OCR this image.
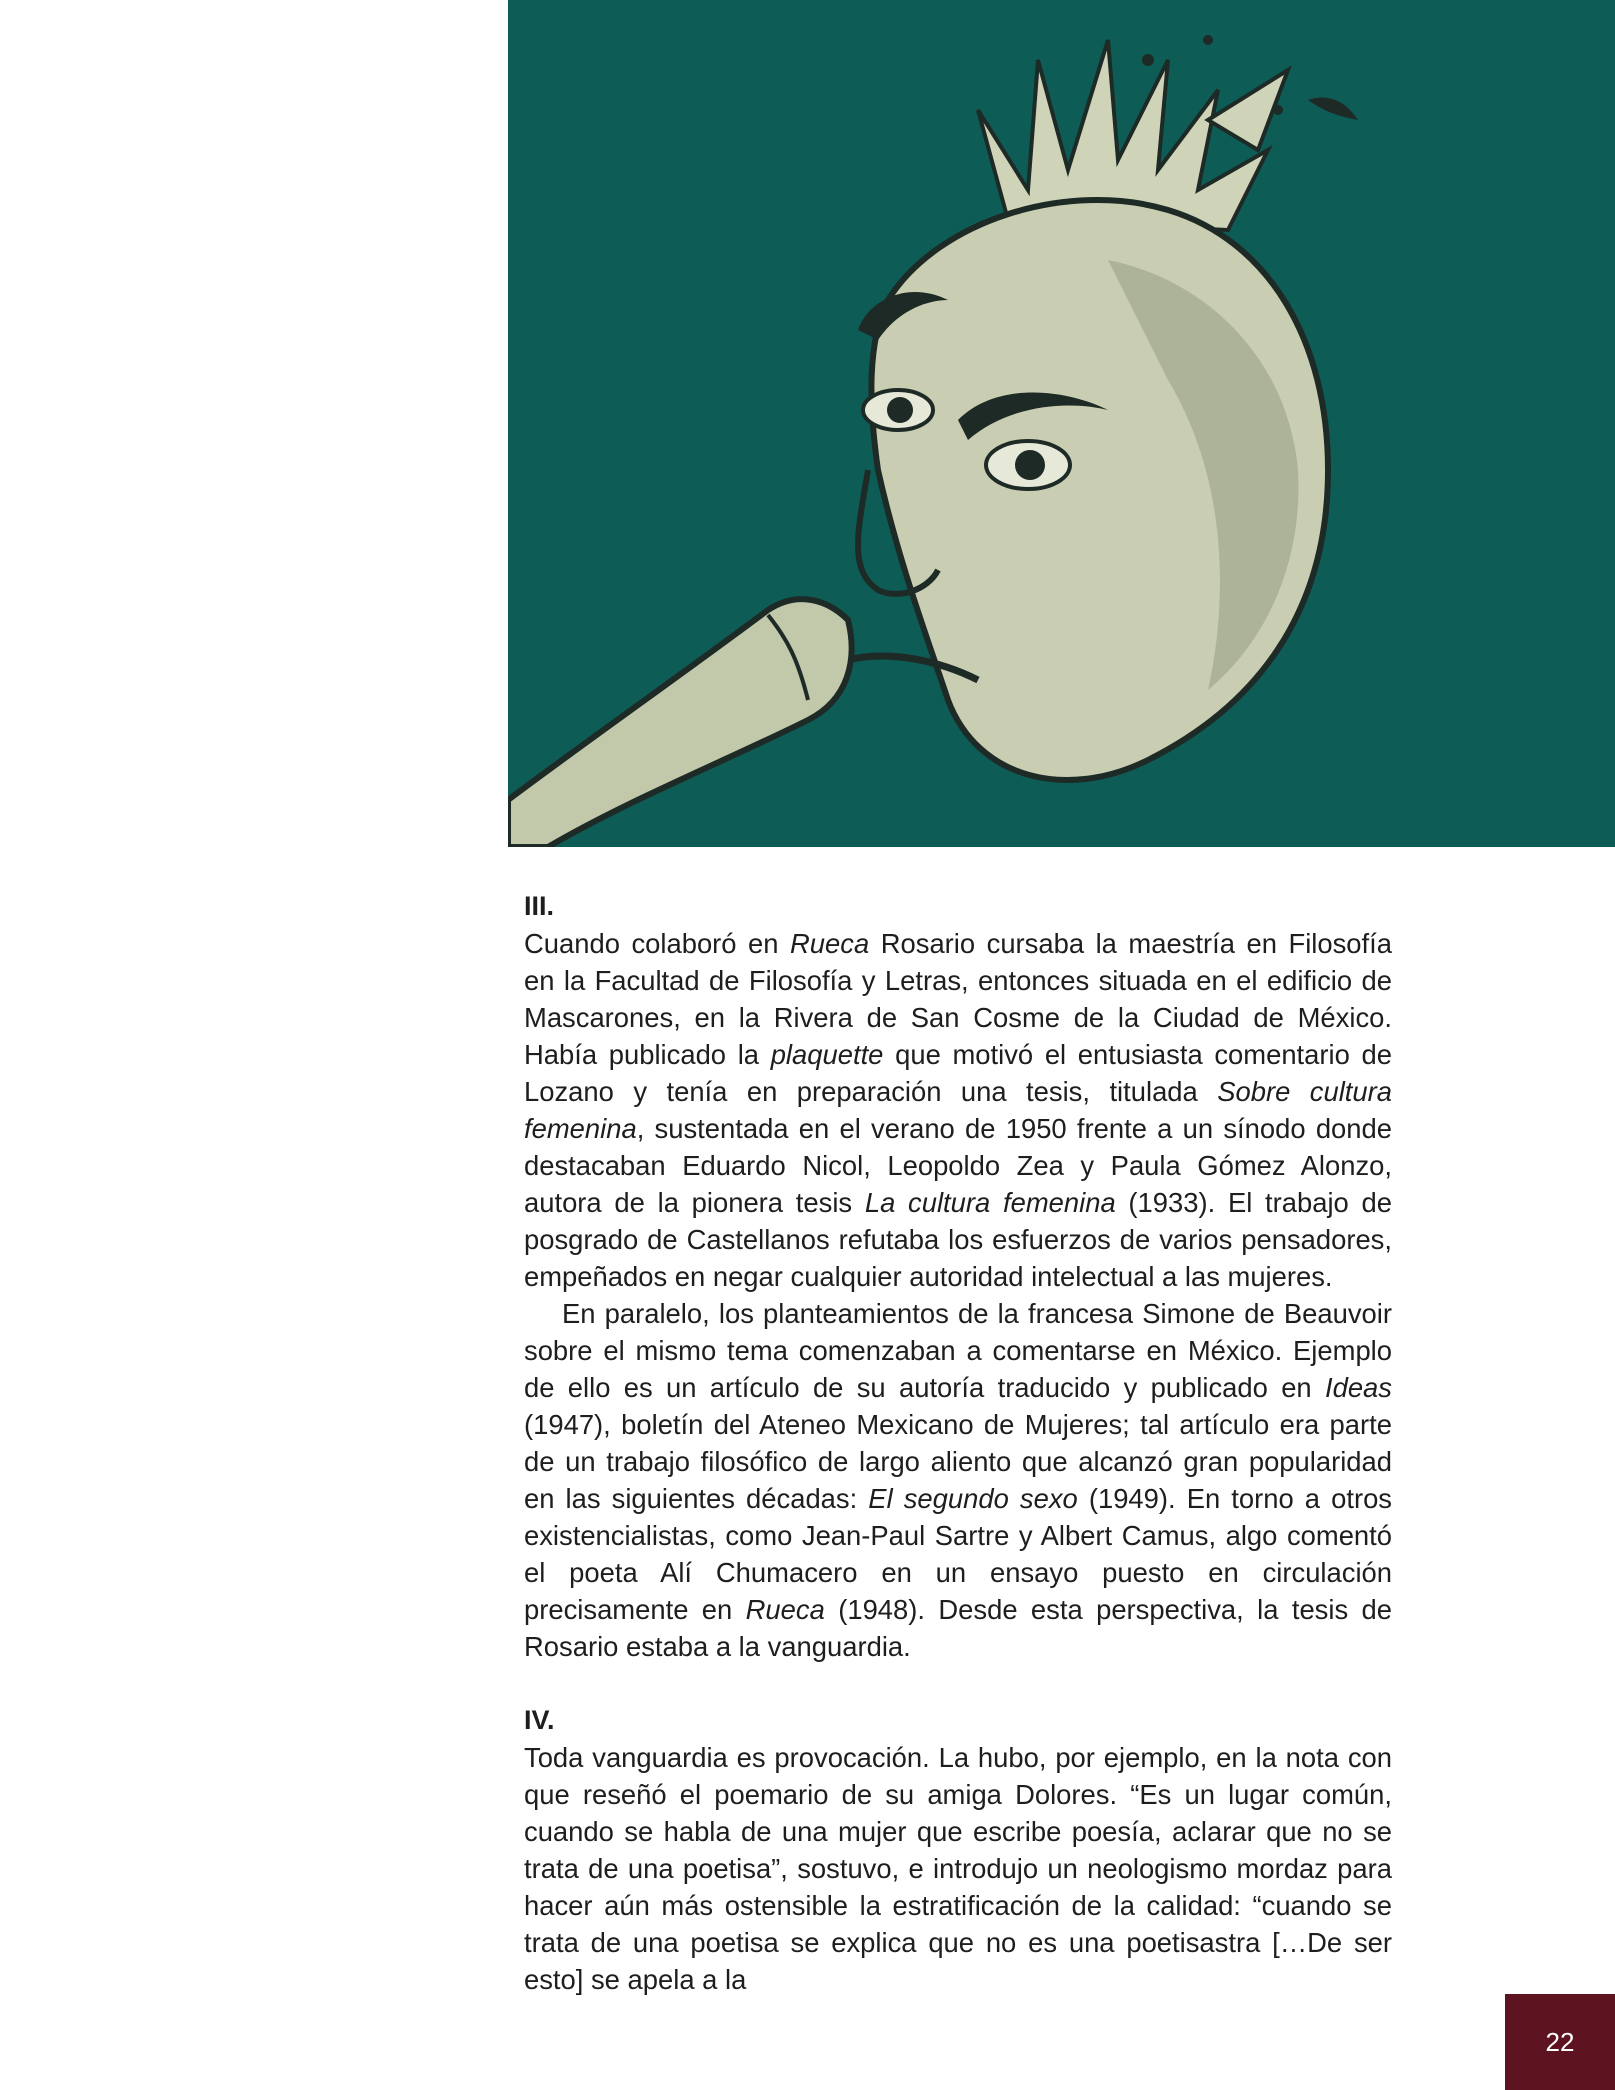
III.

Cuando colaboró en Rueca Rosario cursaba la maestría en Filosofía en la Facultad de Filosofía y Letras, entonces situada en el edificio de Mascarones, en la Rivera de San Cosme de la Ciudad de México. Había publicado la plaquette que motivó el entusiasta comentario de Lozano y tenía en preparación una tesis, titulada Sobre cultura femenina, sustentada en el verano de 1950 frente a un sínodo donde destacaban Eduardo Nicol, Leopoldo Zea y Paula Gómez Alonzo, autora de la pionera tesis La cultura femenina (1933). El trabajo de posgrado de Castellanos refutaba los esfuerzos de varios pensadores, empeñados en negar cualquier autoridad intelectual a las mujeres.

En paralelo, los planteamientos de la francesa Simone de Beauvoir sobre el mismo tema comenzaban a comentarse en México. Ejemplo de ello es un artículo de su autoría traducido y publicado en Ideas (1947), boletín del Ateneo Mexicano de Mujeres; tal artículo era parte de un trabajo filosófico de largo aliento que alcanzó gran popularidad en las siguientes décadas: El segundo sexo (1949). En torno a otros existencialistas, como Jean-Paul Sartre y Albert Camus, algo comentó el poeta Alí Chumacero en un ensayo puesto en circulación precisamente en Rueca (1948). Desde esta perspectiva, la tesis de Rosario estaba a la vanguardia.

IV.

Toda vanguardia es provocación. La hubo, por ejemplo, en la nota con que reseñó el poemario de su amiga Dolores. “Es un lugar común, cuando se habla de una mujer que escribe poesía, aclarar que no se trata de una poetisa”, sostuvo, e introdujo un neologismo mordaz para hacer aún más ostensible la estratificación de la calidad: “cuando se trata de una poetisa se explica que no es una poetisastra […De ser esto] se apela a la

22
